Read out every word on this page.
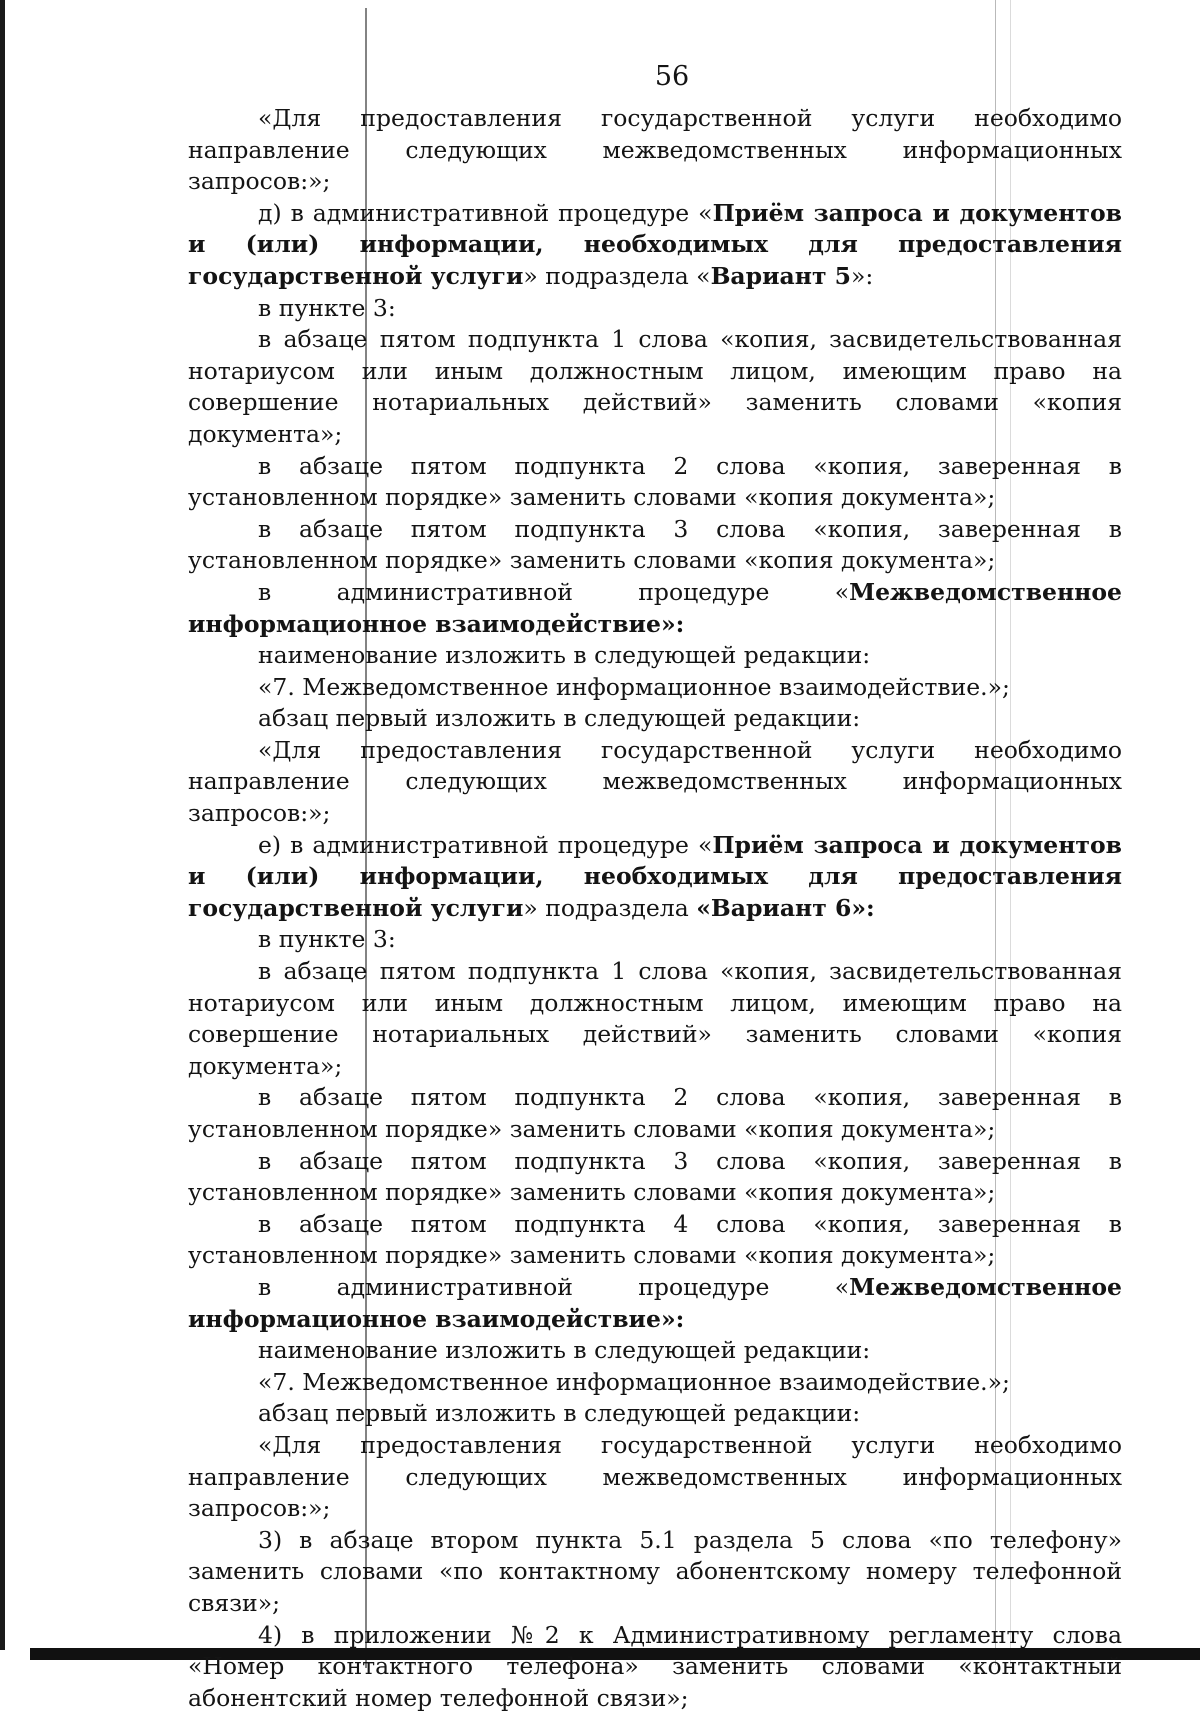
56

«Для предоставления государственной услуги необходимо направление следующих межведомственных информационных запросов:»;

д) в административной процедуре «Приём запроса и документов и (или) информации, необходимых для предоставления государственной услуги» подраздела «Вариант 5»:

в пункте 3:

в абзаце пятом подпункта 1 слова «копия, засвидетельствованная нотариусом или иным должностным лицом, имеющим право на совершение нотариальных действий» заменить словами «копия документа»;

в абзаце пятом подпункта 2 слова «копия, заверенная в установленном порядке» заменить словами «копия документа»;

в абзаце пятом подпункта 3 слова «копия, заверенная в установленном порядке» заменить словами «копия документа»;

в административной процедуре «Межведомственное информационное взаимодействие»:

наименование изложить в следующей редакции:

«7. Межведомственное информационное взаимодействие.»;

абзац первый изложить в следующей редакции:

«Для предоставления государственной услуги необходимо направление следующих межведомственных информационных запросов:»;

е) в административной процедуре «Приём запроса и документов и (или) информации, необходимых для предоставления государственной услуги» подраздела «Вариант 6»:

в пункте 3:

в абзаце пятом подпункта 1 слова «копия, засвидетельствованная нотариусом или иным должностным лицом, имеющим право на совершение нотариальных действий» заменить словами «копия документа»;

в абзаце пятом подпункта 2 слова «копия, заверенная в установленном порядке» заменить словами «копия документа»;

в абзаце пятом подпункта 3 слова «копия, заверенная в установленном порядке» заменить словами «копия документа»;

в абзаце пятом подпункта 4 слова «копия, заверенная в установленном порядке» заменить словами «копия документа»;

в административной процедуре «Межведомственное информационное взаимодействие»:

наименование изложить в следующей редакции:

«7. Межведомственное информационное взаимодействие.»;

абзац первый изложить в следующей редакции:

«Для предоставления государственной услуги необходимо направление следующих межведомственных информационных запросов:»;

3) в абзаце втором пункта 5.1 раздела 5 слова «по телефону» заменить словами «по контактному абонентскому номеру телефонной связи»;

4) в приложении №2 к Административному регламенту слова «Номер контактного телефона» заменить словами «контактный абонентский номер телефонной связи»;
